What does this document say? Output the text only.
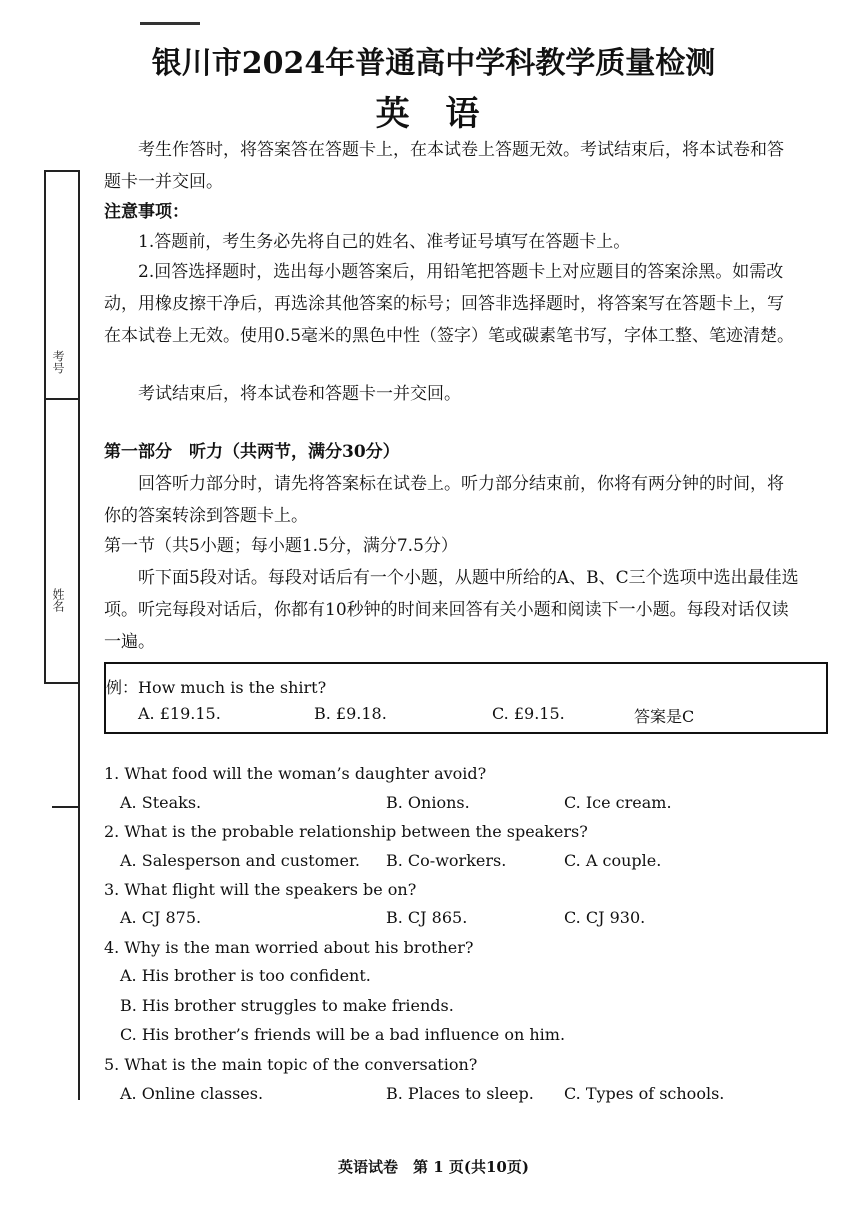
银川市2024年普通高中学科教学质量检测
英 语
考号
姓名
考生作答时，将答案答在答题卡上，在本试卷上答题无效。考试结束后，将本试卷和答题卡一并交回。
注意事项：
1.答题前，考生务必先将自己的姓名、准考证号填写在答题卡上。
2.回答选择题时，选出每小题答案后，用铅笔把答题卡上对应题目的答案涂黑。如需改动，用橡皮擦干净后，再选涂其他答案的标号；回答非选择题时，将答案写在答题卡上，写在本试卷上无效。使用0.5毫米的黑色中性（签字）笔或碳素笔书写，字体工整、笔迹清楚。
考试结束后，将本试卷和答题卡一并交回。
第一部分　听力（共两节，满分30分）
回答听力部分时，请先将答案标在试卷上。听力部分结束前，你将有两分钟的时间，将你的答案转涂到答题卡上。
第一节（共5小题；每小题1.5分，满分7.5分）
听下面5段对话。每段对话后有一个小题，从题中所给的A、B、C三个选项中选出最佳选项。听完每段对话后，你都有10秒钟的时间来回答有关小题和阅读下一小题。每段对话仅读一遍。
例：How much is the shirt?
A. £19.15.	B. £9.18.	C. £9.15.	答案是C
1. What food will the woman’s daughter avoid?
A. Steaks.	B. Onions.	C. Ice cream.
2. What is the probable relationship between the speakers?
A. Salesperson and customer. B. Co-workers.	C. A couple.
3. What flight will the speakers be on?
A. CJ 875.	B. CJ 865.	C. CJ 930.
4. Why is the man worried about his brother?
A. His brother is too confident.
B. His brother struggles to make friends.
C. His brother’s friends will be a bad influence on him.
5. What is the main topic of the conversation?
A. Online classes.	B. Places to sleep. C. Types of schools.
英语试卷　第 1 页(共10页)
